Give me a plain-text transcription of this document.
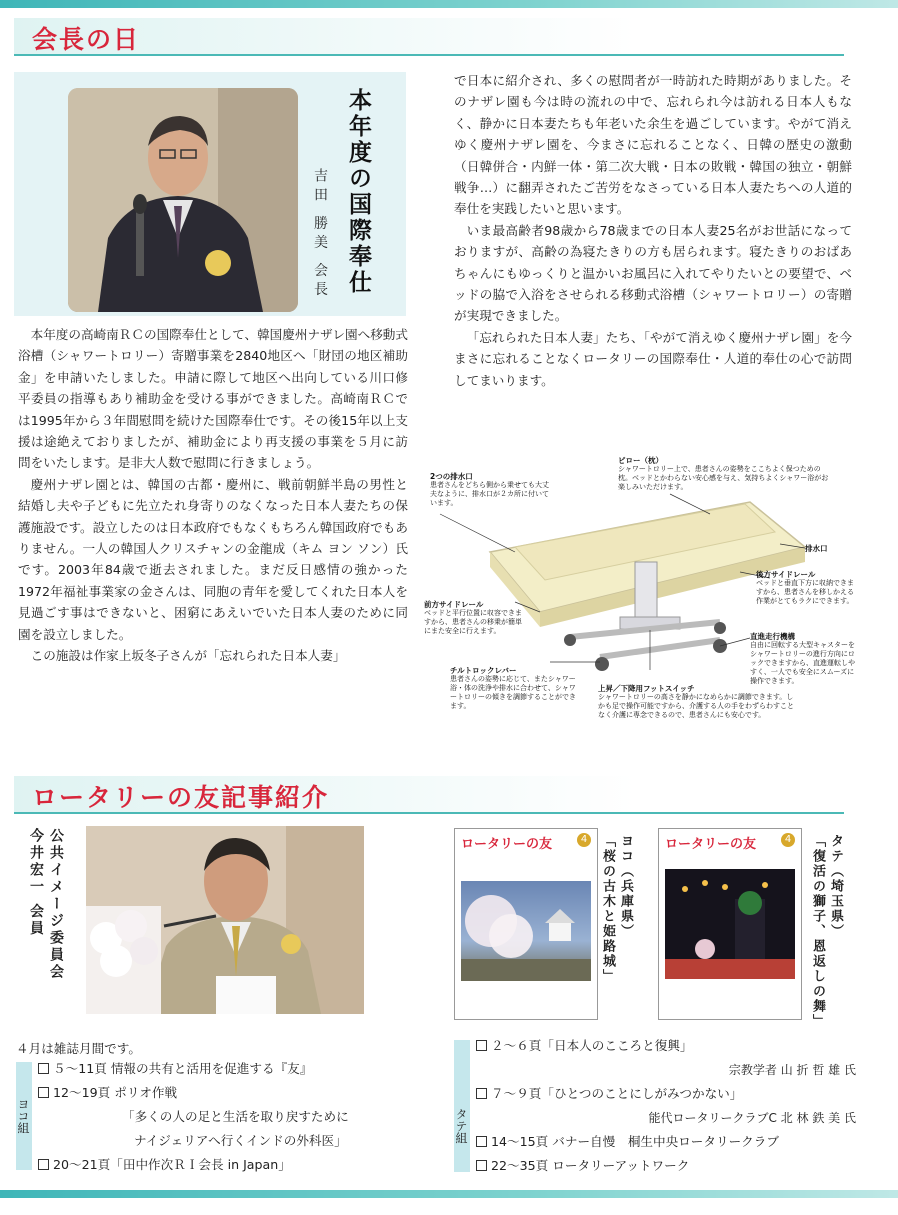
会長の日
本年度の国際奉仕
吉田 勝美 会長

本年度の高崎南ＲＣの国際奉仕として、韓国慶州ナザレ園へ移動式浴槽（シャワートロリー）寄贈事業を2840地区へ「財団の地区補助金」を申請いたしました。申請に際して地区へ出向している川口修平委員の指導もあり補助金を受ける事ができました。高崎南ＲＣでは1995年から３年間慰問を続けた国際奉仕です。その後15年以上支援は途絶えておりましたが、補助金により再支援の事業を５月に訪問をいたします。是非大人数で慰問に行きましょう。

慶州ナザレ園とは、韓国の古都・慶州に、戦前朝鮮半島の男性と結婚し夫や子どもに先立たれ身寄りのなくなった日本人妻たちの保護施設です。設立したのは日本政府でもなくもちろん韓国政府でもありません。一人の韓国人クリスチャンの金龍成（キム ヨン ソン）氏です。2003年84歳で逝去されました。まだ反日感情の強かった1972年福祉事業家の金さんは、同胞の青年を愛してくれた日本人を見過ごす事はできないと、困窮にあえいでいた日本人妻のために同園を設立しました。

この施設は作家上坂冬子さんが「忘れられた日本人妻」

で日本に紹介され、多くの慰問者が一時訪れた時期がありました。そのナザレ園も今は時の流れの中で、忘れられ今は訪れる日本人もなく、静かに日本妻たちも年老いた余生を過ごしています。やがて消えゆく慶州ナザレ園を、今まさに忘れることなく、日韓の歴史の激動（日韓併合・内鮮一体・第二次大戦・日本の敗戦・韓国の独立・朝鮮戦争…）に翻弄されたご苦労をなさっている日本人妻たちへの人道的奉仕を実践したいと思います。

いま最高齢者98歳から78歳までの日本人妻25名がお世話になっておりますが、高齢の為寝たきりの方も居られます。寝たきりのおばあちゃんにもゆっくりと温かいお風呂に入れてやりたいとの要望で、ベッドの脇で入浴をさせられる移動式浴槽（シャワートロリー）の寄贈が実現できました。

「忘れられた日本人妻」たち、「やがて消えゆく慶州ナザレ園」を今まさに忘れることなくロータリーの国際奉仕・人道的奉仕の心で訪問してまいります。

2つの排水口
患者さんをどちら側から乗せても大丈夫なように、排水口が２カ所に付いています。
ピロー（枕）
シャワートロリー上で、患者さんの姿勢をここちよく保つための枕。ベッドとかわらない安心感を与え、気持ちよくシャワー浴がお楽しみいただけます。
排水口
後方サイドレール
ベッドと垂直下方に収納できますから、患者さんを移しかえる作業がとてもラクにできます。
前方サイドレール
ベッドと平行位置に収容できますから、患者さんの移乗が簡単にまた安全に行えます。
直進走行機構
自由に回転する大型キャスターをシャワートロリーの進行方向にロックできますから、直進運転しやすく、一人でも安全にスムーズに操作できます。
チルトロックレバー
患者さんの姿勢に応じて、またシャワー浴・体の洗浄や排水に合わせて、シャワートロリーの傾きを調節することができます。
上昇／下降用フットスイッチ
シャワートロリーの高さを静かになめらかに調節できます。しかも足で操作可能ですから、介護する人の手をわずらわすことなく介護に専念できるので、患者さんにも安心です。
ロータリーの友記事紹介
公共イメージ委員会
今井宏一 会員	ロータリーの友	4	ヨコ（兵庫県）
「桜の古木と姫路城」	ロータリーの友	4	タテ（埼玉県）
「復活の獅子、恩返しの舞」
４月は雑誌月間です。
ヨコ組
５～11頁 情報の共有と活用を促進する『友』
12～19頁 ポリオ作戦
「多くの人の足と生活を取り戻すために
ナイジェリアへ行くインドの外科医」
20～21頁「田中作次ＲＩ会長 in Japan」
タテ組
２～６頁「日本人のこころと復興」
宗教学者 山 折 哲 雄 氏
７～９頁「ひとつのことにしがみつかない」
能代ロータリークラブC 北 林 鉄 美 氏
14～15頁 バナー自慢　桐生中央ロータリークラブ
22～35頁 ロータリーアットワーク
